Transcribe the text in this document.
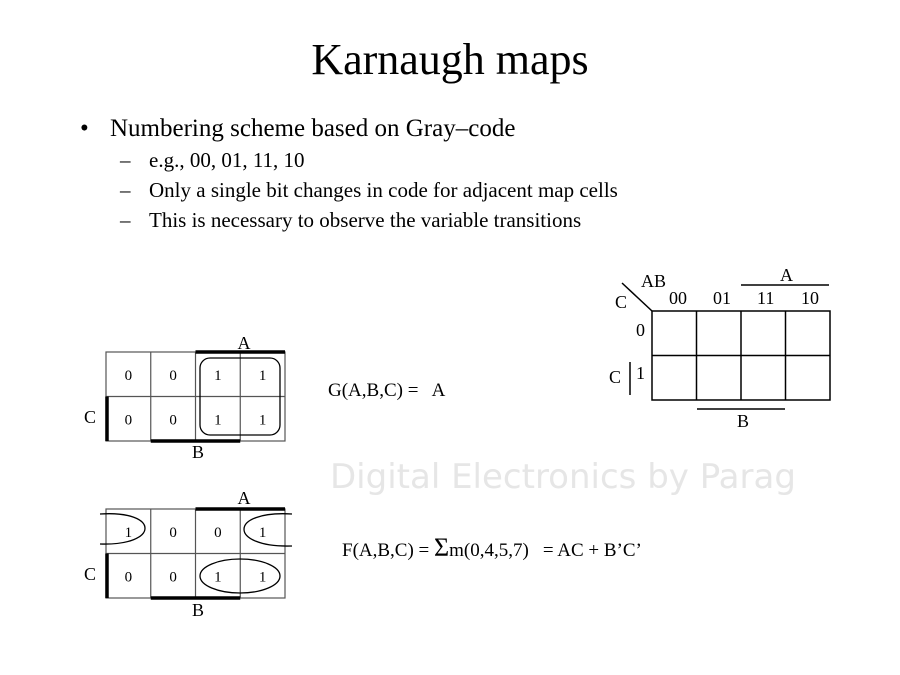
Karnaugh maps
• Numbering scheme based on Gray–code
– e.g., 00, 01, 11, 10
– Only a single bit changes in code for adjacent map cells
– This is necessary to observe the variable transitions
Digital Electronics by Parag
AB
C 00 01 11 10
0
1
A
B
C
0 0 1 1
0 0 1 1
A
B
C
G(A,B,C) =   A
1 0 0 1
0 0 1 1
A
B
C
F(A,B,C) = Σm(0,4,5,7) = AC + B’C’
